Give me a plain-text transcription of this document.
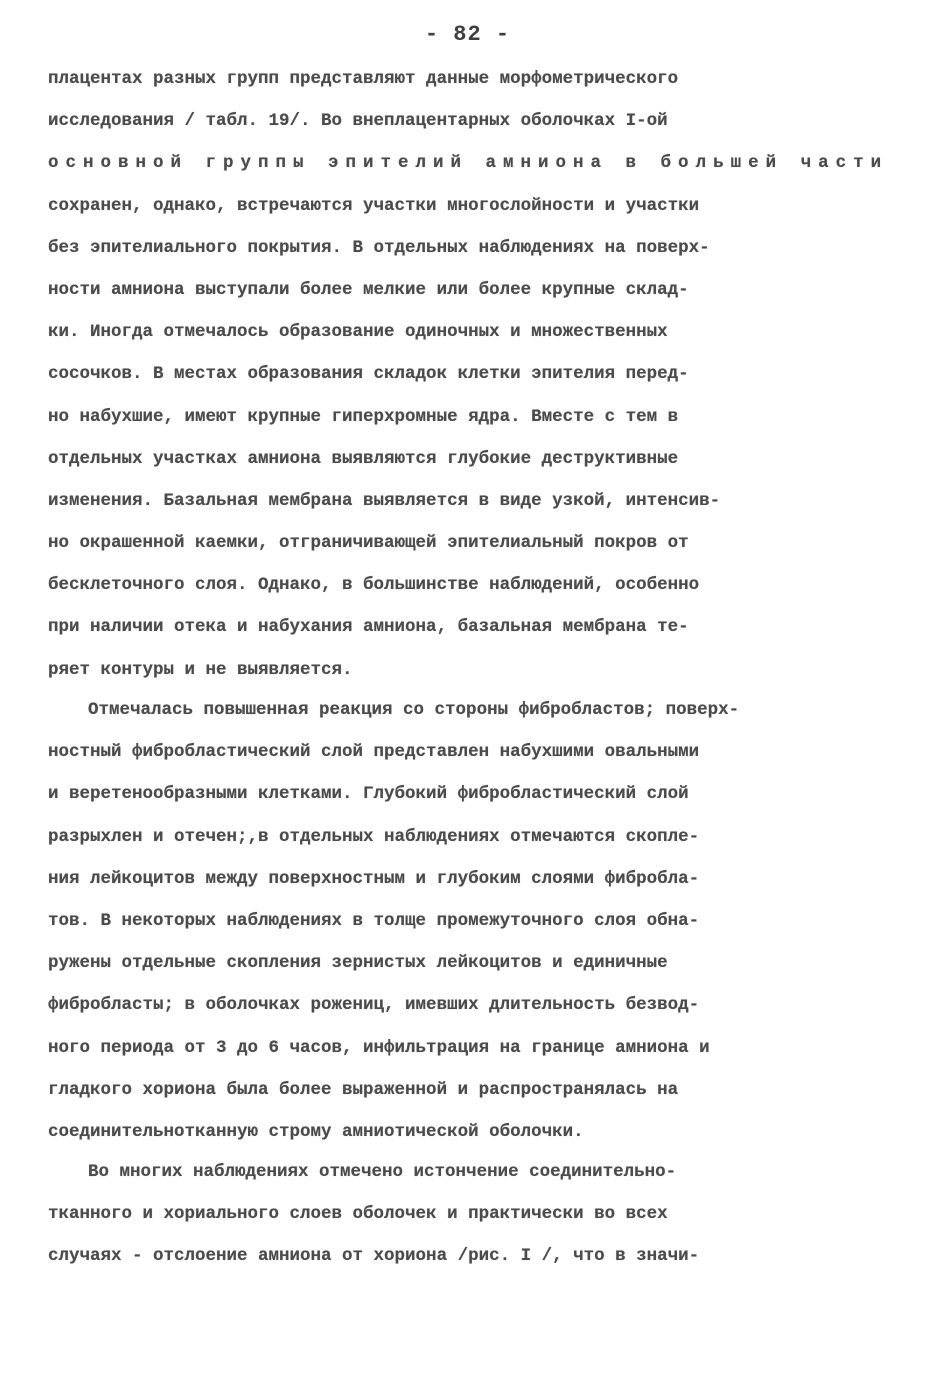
- 82 -
плацентах разных групп представляют данные морфометрического
исследования / табл. 19/. Во внеплацентарных оболочках I-ой
основной группы эпителий амниона в большей части
сохранен, однако, встречаются участки многослойности и участки
без эпителиального покрытия. В отдельных наблюдениях на поверх-
ности амниона выступали более мелкие или более крупные склад-
ки. Иногда отмечалось образование одиночных и множественных
сосочков. В местах образования складок клетки эпителия перед-
но набухшие, имеют крупные гиперхромные ядра. Вместе с тем в
отдельных участках амниона выявляются глубокие деструктивные
изменения. Базальная мембрана выявляется в виде узкой, интенсив-
но окрашенной каемки, отграничивающей эпителиальный покров от
бесклеточного слоя. Однако, в большинстве наблюдений, особенно
при наличии отека и набухания амниона, базальная мембрана те-
ряет контуры и не выявляется.
Отмечалась повышенная реакция со стороны фибробластов; поверх-
ностный фибробластический слой представлен набухшими овальными
и веретенообразными клетками. Глубокий фибробластический слой
разрыхлен и отечен;,в отдельных наблюдениях отмечаются скопле-
ния лейкоцитов между поверхностным и глубоким слоями фибробла-
тов. В некоторых наблюдениях в толще промежуточного слоя обна-
ружены отдельные скопления зернистых лейкоцитов и единичные
фибробласты; в оболочках рожениц, имевших длительность безвод-
ного периода от 3 до 6 часов, инфильтрация на границе амниона и
гладкого хориона была более выраженной и распространялась на
соединительнотканную строму амниотической оболочки.
Во многих наблюдениях отмечено истончение соединительно-
тканного и хориального слоев оболочек и практически во всех
случаях - отслоение амниона от хориона /рис. I /, что в значи-
